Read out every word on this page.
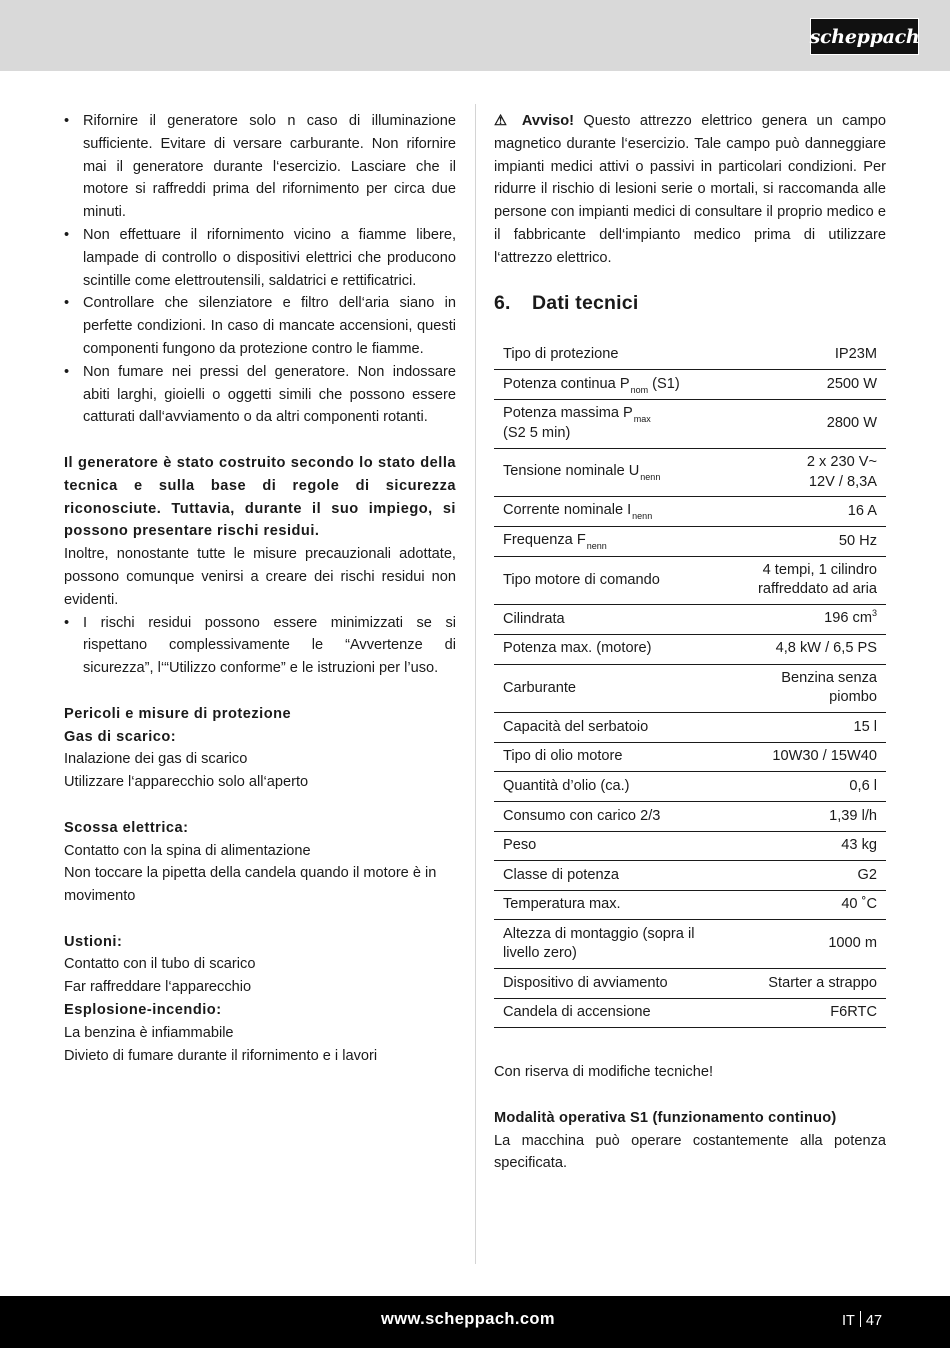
scheppach
• Rifornire il generatore solo n caso di illuminazione sufficiente. Evitare di versare carburante. Non rifornire mai il generatore durante l‘esercizio. Lasciare che il motore si raffreddi prima del rifornimento per circa due minuti.
• Non effettuare il rifornimento vicino a fiamme libere, lampade di controllo o dispositivi elettrici che producono scintille come elettroutensili, saldatrici e rettificatrici.
• Controllare che silenziatore e filtro dell‘aria siano in perfette condizioni. In caso di mancate accensioni, questi componenti fungono da protezione contro le fiamme.
• Non fumare nei pressi del generatore. Non indossare abiti larghi, gioielli o oggetti simili che possono essere catturati dall‘avviamento o da altri componenti rotanti.

Il generatore è stato costruito secondo lo stato della tecnica e sulla base di regole di sicurezza riconosciute. Tuttavia, durante il suo impiego, si possono presentare rischi residui.

Inoltre, nonostante tutte le misure precauzionali adottate, possono comunque venirsi a creare dei rischi residui non evidenti.

• I rischi residui possono essere minimizzati se si rispettano complessivamente le “Avvertenze di sicurezza”, l‘“Utilizzo conforme” e le istruzioni per l’uso.

Pericoli e misure di protezione

Gas di scarico:

Inalazione dei gas di scarico

Utilizzare l‘apparecchio solo all‘aperto

Scossa elettrica:

Contatto con la spina di alimentazione

Non toccare la pipetta della candela quando il motore è in movimento

Ustioni:

Contatto con il tubo di scarico

Far raffreddare l‘apparecchio

Esplosione-incendio:

La benzina è infiammabile

Divieto di fumare durante il rifornimento e i lavori

⚠ Avviso! Questo attrezzo elettrico genera un campo magnetico durante l‘esercizio. Tale campo può danneggiare impianti medici attivi o passivi in particolari condizioni. Per ridurre il rischio di lesioni serie o mortali, si raccomanda alle persone con impianti medici di consultare il proprio medico e il fabbricante dell‘impianto medico prima di utilizzare l‘attrezzo elettrico.

6. Dati tecnici
Tipo di protezione	IP23M
Potenza continua $P_{nom}$ (S1)	2500 W
Potenza massima $P_{max}$
(S2 5 min)	2800 W
Tensione nominale $U_{nenn}$	2 x 230 V~
12V / 8,3A
Corrente nominale $I_{nenn}$	16 A
Frequenza $F_{nenn}$	50 Hz
Tipo motore di comando	4 tempi, 1 cilindro
raffreddato ad aria
Cilindrata	196 $cm^3$
Potenza max. (motore)	4,8 kW / 6,5 PS
Carburante	Benzina senza
piombo
Capacità del serbatoio	15 l
Tipo di olio motore	10W30 / 15W40
Quantità d’olio (ca.)	0,6 l
Consumo con carico 2/3	1,39 l/h
Peso	43 kg
Classe di potenza	G2
Temperatura max.	40 ˚C
Altezza di montaggio (sopra il livello zero)	1000 m
Dispositivo di avviamento	Starter a strappo
Candela di accensione	F6RTC

Con riserva di modifiche tecniche!

Modalità operativa S1 (funzionamento continuo)

La macchina può operare costantemente alla potenza specificata.

www.scheppach.com	IT 47
